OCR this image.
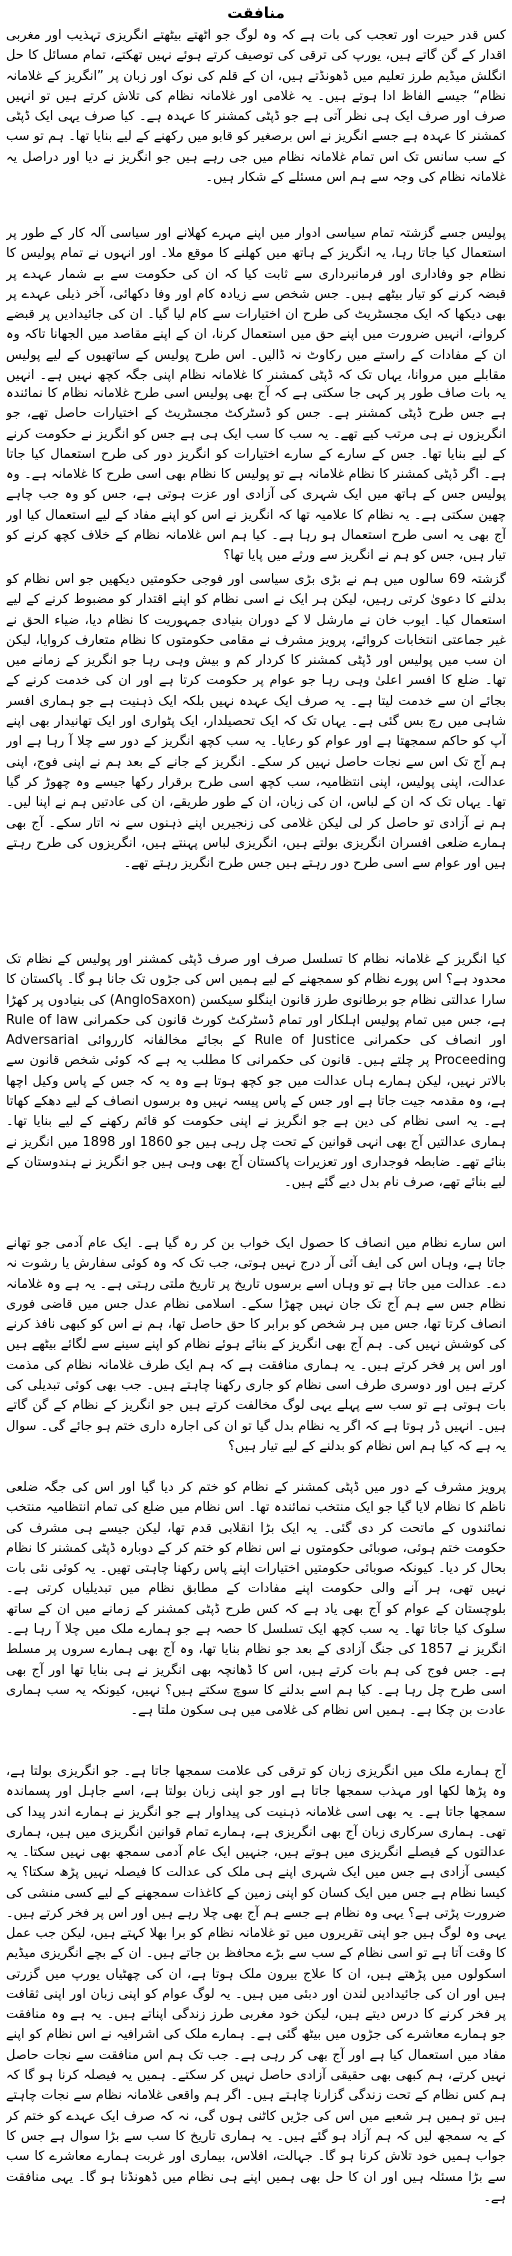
منافقت

کس قدر حیرت اور تعجب کی بات ہے کہ وہ لوگ جو اٹھتے بیٹھتے انگریزی تہذیب اور مغربی اقدار کے گن گاتے ہیں، یورپ کی ترقی کی توصیف کرتے ہوئے نہیں تھکتے، تمام مسائل کا حل انگلش میڈیم طرز تعلیم میں ڈھونڈتے ہیں، ان کے قلم کی نوک اور زبان پر ”انگریز کے غلامانہ نظام“ جیسے الفاظ ادا ہوتے ہیں۔ یہ غلامی اور غلامانہ نظام کی تلاش کرتے ہیں تو انہیں صرف اور صرف ایک ہی نظر آتی ہے جو ڈپٹی کمشنر کا عہدہ ہے۔ کیا صرف یہی ایک ڈپٹی کمشنر کا عہدہ ہے جسے انگریز نے اس برصغیر کو قابو میں رکھنے کے لیے بنایا تھا۔ ہم تو سب کے سب سانس تک اس تمام غلامانہ نظام میں جی رہے ہیں جو انگریز نے دیا اور دراصل یہ غلامانہ نظام کی وجہ سے ہم اس مسئلے کے شکار ہیں۔

پولیس جسے گزشتہ تمام سیاسی ادوار میں اپنے مہرے کھلانے اور سیاسی آلہ کار کے طور پر استعمال کیا جاتا رہا، یہ انگریز کے ہاتھ میں کھلنے کا موقع ملا۔ اور انہوں نے تمام پولیس کا نظام جو وفاداری اور فرمانبرداری سے ثابت کیا کہ ان کی حکومت سے بے شمار عہدے پر قبضہ کرنے کو تیار بیٹھے ہیں۔ جس شخص سے زیادہ کام اور وفا دکھائی، آخر ذیلی عہدے پر بھی دیکھا کہ ایک مجسٹریٹ کی طرح ان اختیارات سے کام لیا گیا۔ ان کی جائیدادیں پر قبضے کروانے، انہیں ضرورت میں اپنے حق میں استعمال کرنا، ان کے اپنے مقاصد میں الجھانا تاکہ وہ ان کے مفادات کے راستے میں رکاوٹ نہ ڈالیں۔ اس طرح پولیس کے ساتھیوں کے لیے پولیس مقابلے میں مروانا، یہاں تک کہ ڈپٹی کمشنر کا غلامانہ نظام اپنی جگہ کچھ نہیں ہے۔ انہیں

یہ بات صاف طور پر کہی جا سکتی ہے کہ آج بھی پولیس اسی طرح غلامانہ نظام کا نمائندہ ہے جس طرح ڈپٹی کمشنر ہے۔ جس کو ڈسٹرکٹ مجسٹریٹ کے اختیارات حاصل تھے، جو انگریزوں نے ہی مرتب کیے تھے۔ یہ سب کا سب ایک ہی ہے جس کو انگریز نے حکومت کرنے کے لیے بنایا تھا۔ جس کے سارے کے سارے اختیارات کو انگریز دور کی طرح استعمال کیا جاتا ہے۔ اگر ڈپٹی کمشنر کا نظام غلامانہ ہے تو پولیس کا نظام بھی اسی طرح کا غلامانہ ہے۔ وہ پولیس جس کے ہاتھ میں ایک شہری کی آزادی اور عزت ہوتی ہے، جس کو وہ جب چاہے چھین سکتی ہے۔ یہ نظام کا علامیہ تھا کہ انگریز نے اس کو اپنے مفاد کے لیے استعمال کیا اور آج بھی یہ اسی طرح استعمال ہو رہا ہے۔ کیا ہم اس غلامانہ نظام کے خلاف کچھ کرنے کو تیار ہیں، جس کو ہم نے انگریز سے ورثے میں پایا تھا؟

گزشتہ 69 سالوں میں ہم نے بڑی بڑی سیاسی اور فوجی حکومتیں دیکھیں جو اس نظام کو بدلنے کا دعویٰ کرتی رہیں، لیکن ہر ایک نے اسی نظام کو اپنے اقتدار کو مضبوط کرنے کے لیے استعمال کیا۔ ایوب خان نے مارشل لا کے دوران بنیادی جمہوریت کا نظام دیا، ضیاء الحق نے غیر جماعتی انتخابات کروائے، پرویز مشرف نے مقامی حکومتوں کا نظام متعارف کروایا، لیکن ان سب میں پولیس اور ڈپٹی کمشنر کا کردار کم و بیش وہی رہا جو انگریز کے زمانے میں تھا۔ ضلع کا افسر اعلیٰ وہی رہا جو عوام پر حکومت کرتا ہے اور ان کی خدمت کرنے کے بجائے ان سے خدمت لیتا ہے۔ یہ صرف ایک عہدہ نہیں بلکہ ایک ذہنیت ہے جو ہماری افسر شاہی میں رچ بس گئی ہے۔ یہاں تک کہ ایک تحصیلدار، ایک پٹواری اور ایک تھانیدار بھی اپنے آپ کو حاکم سمجھتا ہے اور عوام کو رعایا۔ یہ سب کچھ انگریز کے دور سے چلا آ رہا ہے اور ہم آج تک اس سے نجات حاصل نہیں کر سکے۔ انگریز کے جانے کے بعد ہم نے اپنی فوج، اپنی عدالت، اپنی پولیس، اپنی انتظامیہ، سب کچھ اسی طرح برقرار رکھا جیسے وہ چھوڑ کر گیا تھا۔ یہاں تک کہ ان کے لباس، ان کی زبان، ان کے طور طریقے، ان کی عادتیں ہم نے اپنا لیں۔ ہم نے آزادی تو حاصل کر لی لیکن غلامی کی زنجیریں اپنے ذہنوں سے نہ اتار سکے۔ آج بھی ہمارے ضلعی افسران انگریزی بولتے ہیں، انگریزی لباس پہنتے ہیں، انگریزوں کی طرح رہتے ہیں اور عوام سے اسی طرح دور رہتے ہیں جس طرح انگریز رہتے تھے۔

کیا انگریز کے غلامانہ نظام کا تسلسل صرف اور صرف ڈپٹی کمشنر اور پولیس کے نظام تک محدود ہے؟ اس پورے نظام کو سمجھنے کے لیے ہمیں اس کی جڑوں تک جانا ہو گا۔ پاکستان کا سارا عدالتی نظام جو برطانوی طرز قانون اینگلو سیکسن (AngloSaxon) کی بنیادوں پر کھڑا ہے، جس میں تمام پولیس اہلکار اور تمام ڈسٹرکٹ کورٹ قانون کی حکمرانی Rule of law اور انصاف کی حکمرانی Rule of Justice کے بجائے مخالفانہ کارروائی Adversarial Proceeding پر چلتے ہیں۔ قانون کی حکمرانی کا مطلب یہ ہے کہ کوئی شخص قانون سے بالاتر نہیں، لیکن ہمارے ہاں عدالت میں جو کچھ ہوتا ہے وہ یہ کہ جس کے پاس وکیل اچھا ہے، وہ مقدمہ جیت جاتا ہے اور جس کے پاس پیسہ نہیں وہ برسوں انصاف کے لیے دھکے کھاتا ہے۔ یہ اسی نظام کی دین ہے جو انگریز نے اپنی حکومت کو قائم رکھنے کے لیے بنایا تھا۔ ہماری عدالتیں آج بھی انہی قوانین کے تحت چل رہی ہیں جو 1860 اور 1898 میں انگریز نے بنائے تھے۔ ضابطہ فوجداری اور تعزیرات پاکستان آج بھی وہی ہیں جو انگریز نے ہندوستان کے لیے بنائے تھے، صرف نام بدل دیے گئے ہیں۔

اس سارے نظام میں انصاف کا حصول ایک خواب بن کر رہ گیا ہے۔ ایک عام آدمی جو تھانے جاتا ہے، وہاں اس کی ایف آئی آر درج نہیں ہوتی، جب تک کہ وہ کوئی سفارش یا رشوت نہ دے۔ عدالت میں جاتا ہے تو وہاں اسے برسوں تاریخ پر تاریخ ملتی رہتی ہے۔ یہ ہے وہ غلامانہ نظام جس سے ہم آج تک جان نہیں چھڑا سکے۔ اسلامی نظام عدل جس میں قاضی فوری انصاف کرتا تھا، جس میں ہر شخص کو برابر کا حق حاصل تھا، ہم نے اس کو کبھی نافذ کرنے کی کوشش نہیں کی۔ ہم آج بھی انگریز کے بنائے ہوئے نظام کو اپنے سینے سے لگائے بیٹھے ہیں اور اس پر فخر کرتے ہیں۔ یہ ہماری منافقت ہے کہ ہم ایک طرف غلامانہ نظام کی مذمت کرتے ہیں اور دوسری طرف اسی نظام کو جاری رکھنا چاہتے ہیں۔ جب بھی کوئی تبدیلی کی بات ہوتی ہے تو سب سے پہلے یہی لوگ مخالفت کرتے ہیں جو انگریز کے نظام کے گن گاتے ہیں۔ انہیں ڈر ہوتا ہے کہ اگر یہ نظام بدل گیا تو ان کی اجارہ داری ختم ہو جائے گی۔ سوال یہ ہے کہ کیا ہم اس نظام کو بدلنے کے لیے تیار ہیں؟

پرویز مشرف کے دور میں ڈپٹی کمشنر کے نظام کو ختم کر دیا گیا اور اس کی جگہ ضلعی ناظم کا نظام لایا گیا جو ایک منتخب نمائندہ تھا۔ اس نظام میں ضلع کی تمام انتظامیہ منتخب نمائندوں کے ماتحت کر دی گئی۔ یہ ایک بڑا انقلابی قدم تھا، لیکن جیسے ہی مشرف کی حکومت ختم ہوئی، صوبائی حکومتوں نے اس نظام کو ختم کر کے دوبارہ ڈپٹی کمشنر کا نظام بحال کر دیا۔ کیونکہ صوبائی حکومتیں اختیارات اپنے پاس رکھنا چاہتی تھیں۔ یہ کوئی نئی بات نہیں تھی، ہر آنے والی حکومت اپنے مفادات کے مطابق نظام میں تبدیلیاں کرتی ہے۔ بلوچستان کے عوام کو آج بھی یاد ہے کہ کس طرح ڈپٹی کمشنر کے زمانے میں ان کے ساتھ سلوک کیا جاتا تھا۔ یہ سب کچھ ایک تسلسل کا حصہ ہے جو ہمارے ملک میں چلا آ رہا ہے۔ انگریز نے 1857 کی جنگ آزادی کے بعد جو نظام بنایا تھا، وہ آج بھی ہمارے سروں پر مسلط ہے۔ جس فوج کی ہم بات کرتے ہیں، اس کا ڈھانچہ بھی انگریز نے ہی بنایا تھا اور آج بھی اسی طرح چل رہا ہے۔ کیا ہم اسے بدلنے کا سوچ سکتے ہیں؟ نہیں، کیونکہ یہ سب ہماری عادت بن چکا ہے۔ ہمیں اس نظام کی غلامی میں ہی سکون ملتا ہے۔

آج ہمارے ملک میں انگریزی زبان کو ترقی کی علامت سمجھا جاتا ہے۔ جو انگریزی بولتا ہے، وہ پڑھا لکھا اور مہذب سمجھا جاتا ہے اور جو اپنی زبان بولتا ہے، اسے جاہل اور پسماندہ سمجھا جاتا ہے۔ یہ بھی اسی غلامانہ ذہنیت کی پیداوار ہے جو انگریز نے ہمارے اندر پیدا کی تھی۔ ہماری سرکاری زبان آج بھی انگریزی ہے، ہمارے تمام قوانین انگریزی میں ہیں، ہماری عدالتوں کے فیصلے انگریزی میں ہوتے ہیں، جنہیں ایک عام آدمی سمجھ بھی نہیں سکتا۔ یہ کیسی آزادی ہے جس میں ایک شہری اپنے ہی ملک کی عدالت کا فیصلہ نہیں پڑھ سکتا؟ یہ کیسا نظام ہے جس میں ایک کسان کو اپنی زمین کے کاغذات سمجھنے کے لیے کسی منشی کی ضرورت پڑتی ہے؟ یہی وہ نظام ہے جسے ہم آج بھی چلا رہے ہیں اور اس پر فخر کرتے ہیں۔

یہی وہ لوگ ہیں جو اپنی تقریروں میں تو غلامانہ نظام کو برا بھلا کہتے ہیں، لیکن جب عمل کا وقت آتا ہے تو اسی نظام کے سب سے بڑے محافظ بن جاتے ہیں۔ ان کے بچے انگریزی میڈیم اسکولوں میں پڑھتے ہیں، ان کا علاج بیرون ملک ہوتا ہے، ان کی چھٹیاں یورپ میں گزرتی ہیں اور ان کی جائیدادیں لندن اور دبئی میں ہیں۔ یہ لوگ عوام کو اپنی زبان اور اپنی ثقافت پر فخر کرنے کا درس دیتے ہیں، لیکن خود مغربی طرز زندگی اپناتے ہیں۔ یہ ہے وہ منافقت جو ہمارے معاشرے کی جڑوں میں بیٹھ گئی ہے۔ ہمارے ملک کی اشرافیہ نے اس نظام کو اپنے مفاد میں استعمال کیا ہے اور آج بھی کر رہی ہے۔ جب تک ہم اس منافقت سے نجات حاصل نہیں کرتے، ہم کبھی بھی حقیقی آزادی حاصل نہیں کر سکتے۔ ہمیں یہ فیصلہ کرنا ہو گا کہ ہم کس نظام کے تحت زندگی گزارنا چاہتے ہیں۔ اگر ہم واقعی غلامانہ نظام سے نجات چاہتے ہیں تو ہمیں ہر شعبے میں اس کی جڑیں کاٹنی ہوں گی، نہ کہ صرف ایک عہدے کو ختم کر کے یہ سمجھ لیں کہ ہم آزاد ہو گئے ہیں۔ یہ ہماری تاریخ کا سب سے بڑا سوال ہے جس کا جواب ہمیں خود تلاش کرنا ہو گا۔ جہالت، افلاس، بیماری اور غربت ہمارے معاشرے کا سب سے بڑا مسئلہ ہیں اور ان کا حل بھی ہمیں اپنے ہی نظام میں ڈھونڈنا ہو گا۔ یہی منافقت ہے۔
